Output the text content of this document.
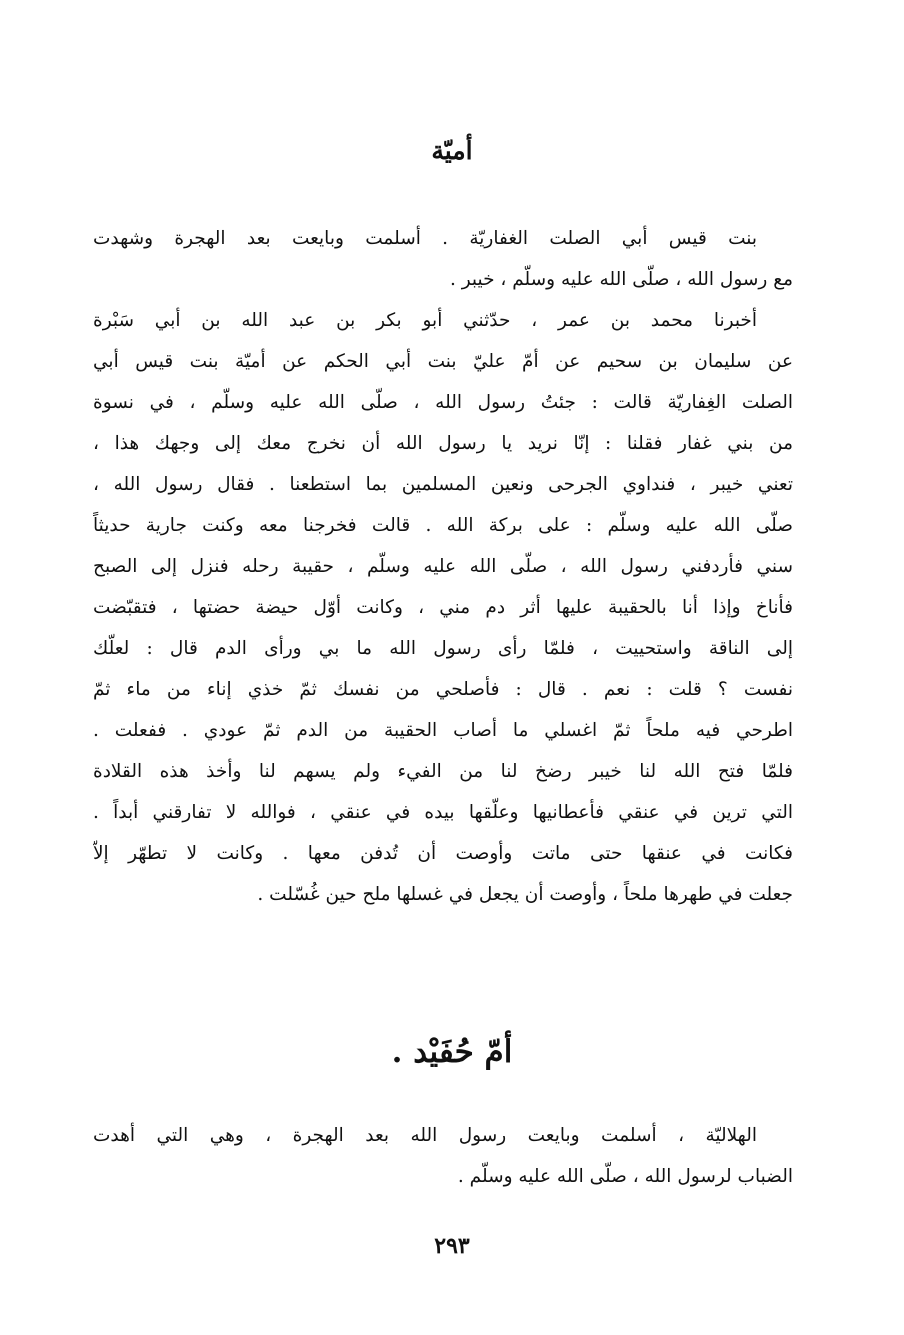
أميّة

بنت قيس أبي الصلت الغفاريّة . أسلمت وبايعت بعد الهجرة وشهدت
مع رسول الله ، صلّى الله عليه وسلّم ، خيبر .

أخبرنا محمد بن عمر ، حدّثني أبو بكر بن عبد الله بن أبي سَبْرة
عن سليمان بن سحيم عن أمّ عليّ بنت أبي الحكم عن أميّة بنت قيس أبي
الصلت الغِفاريّة قالت : جئتُ رسول الله ، صلّى الله عليه وسلّم ، في نسوة
من بني غفار فقلنا : إنّا نريد يا رسول الله أن نخرج معك إلى وجهك هذا ،
تعني خيبر ، فنداوي الجرحى ونعين المسلمين بما استطعنا . فقال رسول الله ،
صلّى الله عليه وسلّم : على بركة الله . قالت فخرجنا معه وكنت جارية حديثاً
سني فأردفني رسول الله ، صلّى الله عليه وسلّم ، حقيبة رحله فنزل إلى الصبح
فأناخ وإذا أنا بالحقيبة عليها أثر دم مني ، وكانت أوّل حيضة حضتها ، فتقبّضت
إلى الناقة واستحييت ، فلمّا رأى رسول الله ما بي ورأى الدم قال : لعلّك
نفست ؟ قلت : نعم . قال : فأصلحي من نفسك ثمّ خذي إناء من ماء ثمّ
اطرحي فيه ملحاً ثمّ اغسلي ما أصاب الحقيبة من الدم ثمّ عودي . ففعلت .
فلمّا فتح الله لنا خيبر رضخ لنا من الفيء ولم يسهم لنا وأخذ هذه القلادة
التي ترين في عنقي فأعطانيها وعلّقها بيده في عنقي ، فوالله لا تفارقني أبداً .
فكانت في عنقها حتى ماتت وأوصت أن تُدفن معها . وكانت لا تطهّر إلاّ
جعلت في طهرها ملحاً ، وأوصت أن يجعل في غسلها ملح حين غُسّلت .

أمّ حُفَيْد .

الهلاليّة ، أسلمت وبايعت رسول الله بعد الهجرة ، وهي التي أهدت
الضباب لرسول الله ، صلّى الله عليه وسلّم .

٢٩٣
